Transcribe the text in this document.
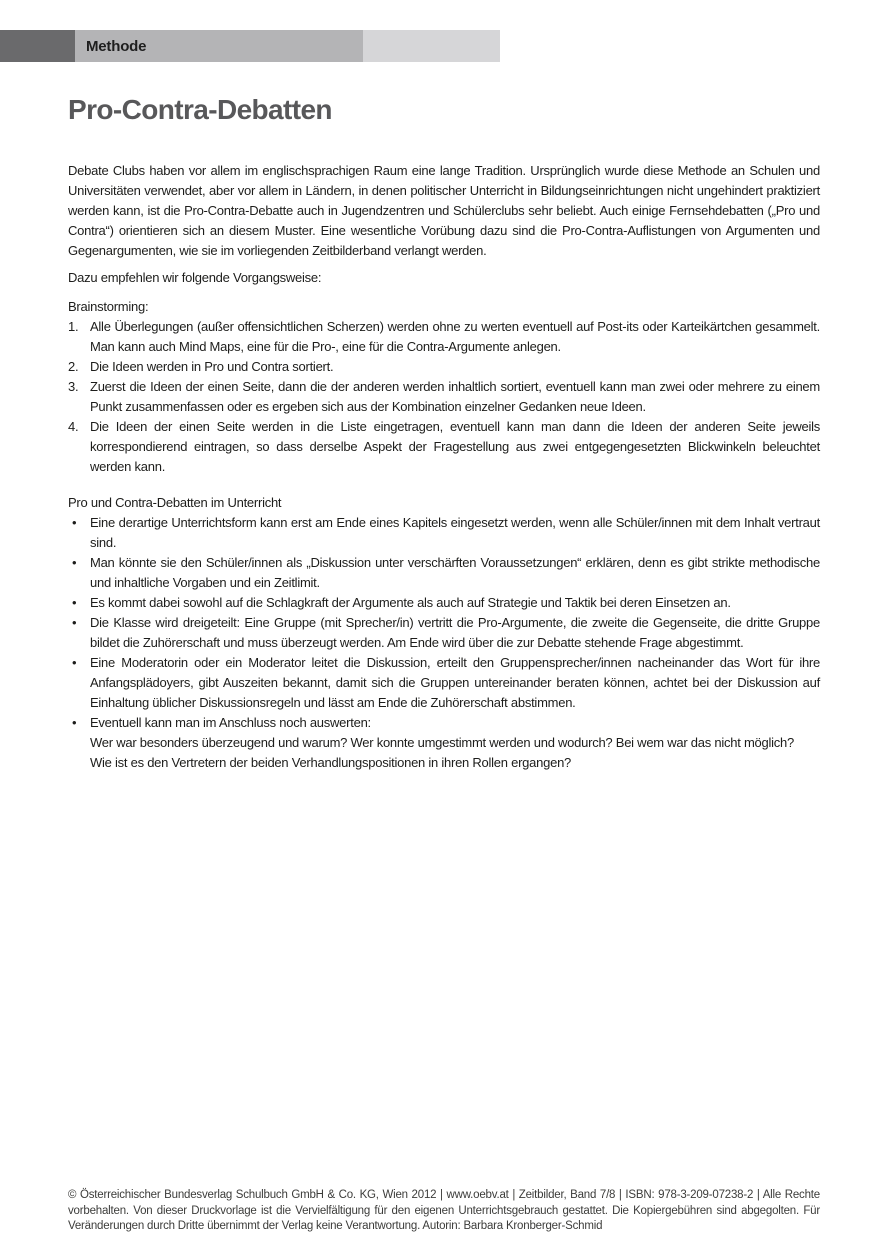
Methode
Pro-Contra-Debatten

Debate Clubs haben vor allem im englischsprachigen Raum eine lange Tradition. Ursprünglich wurde diese Methode an Schulen und Universitäten verwendet, aber vor allem in Ländern, in denen politischer Unterricht in Bildungseinrichtungen nicht ungehindert praktiziert werden kann, ist die Pro-Contra-Debatte auch in Jugendzentren und Schülerclubs sehr beliebt. Auch einige Fernsehdebatten („Pro und Contra“) orientieren sich an diesem Muster. Eine wesentliche Vorübung dazu sind die Pro-Contra-Auflistungen von Argumenten und Gegenargumenten, wie sie im vorliegenden Zeitbilderband verlangt werden.

Dazu empfehlen wir folgende Vorgangsweise:

Brainstorming:

Alle Überlegungen (außer offensichtlichen Scherzen) werden ohne zu werten eventuell auf Post-its oder Karteikärtchen gesammelt. Man kann auch Mind Maps, eine für die Pro-, eine für die Contra-Argumente anlegen.
Die Ideen werden in Pro und Contra sortiert.
Zuerst die Ideen der einen Seite, dann die der anderen werden inhaltlich sortiert, eventuell kann man zwei oder mehrere zu einem Punkt zusammenfassen oder es ergeben sich aus der Kombination einzelner Gedanken neue Ideen.
Die Ideen der einen Seite werden in die Liste eingetragen, eventuell kann man dann die Ideen der anderen Seite jeweils korrespondierend eintragen, so dass derselbe Aspekt der Fragestellung aus zwei entgegengesetzten Blickwinkeln beleuchtet werden kann.

Pro und Contra-Debatten im Unterricht

• Eine derartige Unterrichtsform kann erst am Ende eines Kapitels eingesetzt werden, wenn alle Schüler/innen mit dem Inhalt vertraut sind.
• Man könnte sie den Schüler/innen als „Diskussion unter verschärften Voraussetzungen“ erklären, denn es gibt strikte methodische und inhaltliche Vorgaben und ein Zeitlimit.
• Es kommt dabei sowohl auf die Schlagkraft der Argumente als auch auf Strategie und Taktik bei deren Einsetzen an.
• Die Klasse wird dreigeteilt: Eine Gruppe (mit Sprecher/in) vertritt die Pro-Argumente, die zweite die Gegenseite, die dritte Gruppe bildet die Zuhörerschaft und muss überzeugt werden. Am Ende wird über die zur Debatte stehende Frage abgestimmt.
• Eine Moderatorin oder ein Moderator leitet die Diskussion, erteilt den Gruppensprecher/innen nacheinander das Wort für ihre Anfangsplädoyers, gibt Auszeiten bekannt, damit sich die Gruppen untereinander beraten können, achtet bei der Diskussion auf Einhaltung üblicher Diskussionsregeln und lässt am Ende die Zuhörerschaft abstimmen.
• Eventuell kann man im Anschluss noch auswerten:
Wer war besonders überzeugend und warum? Wer konnte umgestimmt werden und wodurch? Bei wem war das nicht möglich?
Wie ist es den Vertretern der beiden Verhandlungspositionen in ihren Rollen ergangen?

© Österreichischer Bundesverlag Schulbuch GmbH & Co. KG, Wien 2012 | www.oebv.at | Zeitbilder, Band 7/8 | ISBN: 978-3-209-07238-2 | Alle Rechte vorbehalten. Von dieser Druckvorlage ist die Vervielfältigung für den eigenen Unterrichtsgebrauch gestattet. Die Kopiergebühren sind abgegolten. Für Veränderungen durch Dritte übernimmt der Verlag keine Verantwortung. Autorin: Barbara Kronberger-Schmid
